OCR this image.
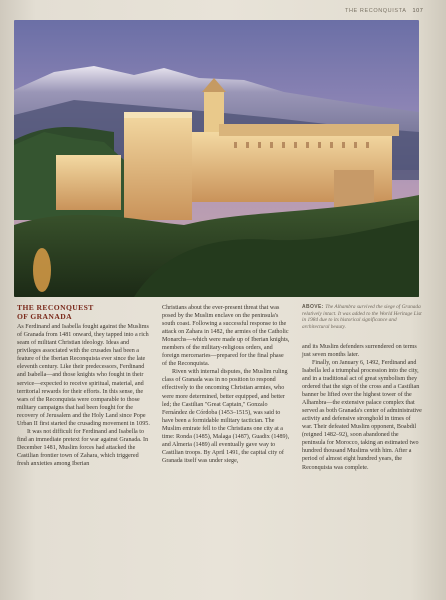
THE RECONQUISTA 107
THE RECONQUEST
OF GRANADA

As Ferdinand and Isabella fought against the Muslims of Granada from 1481 onward, they tapped into a rich seam of militant Christian ideology. Ideas and privileges associated with the crusades had been a feature of the Iberian Reconquista ever since the late eleventh century. Like their predecessors, Ferdinand and Isabella—and those knights who fought in their service—expected to receive spiritual, material, and territorial rewards for their efforts. In this sense, the wars of the Reconquista were comparable to those military campaigns that had been fought for the recovery of Jerusalem and the Holy Land since Pope Urban II first started the crusading movement in 1095.

It was not difficult for Ferdinand and Isabella to find an immediate pretext for war against Granada. In December 1481, Muslim forces had attacked the Castilian frontier town of Zahara, which triggered fresh anxieties among Iberian

Christians about the ever-present threat that was posed by the Muslim enclave on the peninsula's south coast. Following a successful response to the attack on Zahara in 1482, the armies of the Catholic Monarchs—which were made up of Iberian knights, members of the military-religious orders, and foreign mercenaries—prepared for the final phase of the Reconquista.

Riven with internal disputes, the Muslim ruling class of Granada was in no position to respond effectively to the oncoming Christian armies, who were more determined, better equipped, and better led; the Castilian "Great Captain," Gonzalo Fernández de Córdoba (1453–1515), was said to have been a formidable military tactician. The Muslim emirate fell to the Christians one city at a time: Ronda (1485), Malaga (1487), Guadix (1489), and Almeria (1489) all eventually gave way to Castilian troops. By April 1491, the capital city of Granada itself was under siege,

ABOVE: The Alhambra survived the siege of Granada relatively intact. It was added to the World Heritage List in 1984 due to its historical significance and architectural beauty.

and its Muslim defenders surrendered on terms just seven months later.

Finally, on January 6, 1492, Ferdinand and Isabella led a triumphal procession into the city, and in a traditional act of great symbolism they ordered that the sign of the cross and a Castilian banner be lifted over the highest tower of the Alhambra—the extensive palace complex that served as both Granada's center of administrative activity and defensive stronghold in times of war. Their defeated Muslim opponent, Boabdil (reigned 1482–92), soon abandoned the peninsula for Morocco, taking an estimated two hundred thousand Muslims with him. After a period of almost eight hundred years, the Reconquista was complete.
